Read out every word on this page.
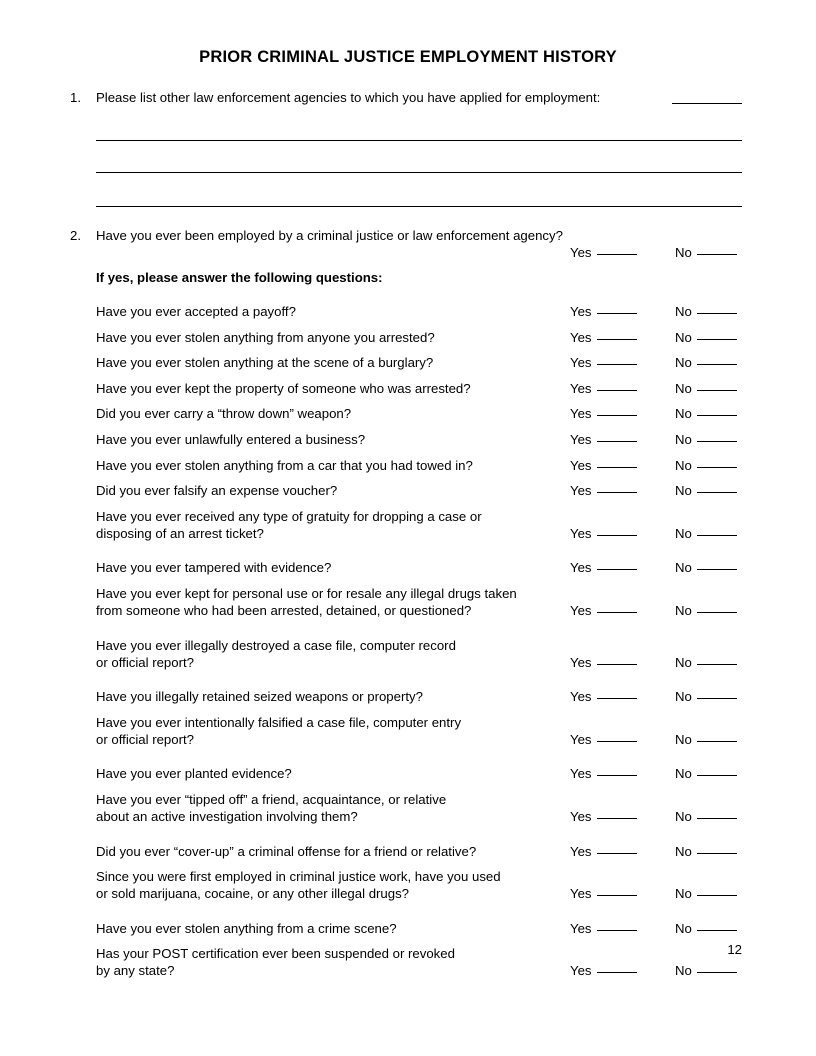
PRIOR CRIMINAL JUSTICE EMPLOYMENT HISTORY
1.	Please list other law enforcement agencies to which you have applied for employment:
2.	Have you ever been employed by a criminal justice or law enforcement agency?
Yes	No
If yes, please answer the following questions:
Have you ever accepted a payoff?	Yes	No
Have you ever stolen anything from anyone you arrested?	Yes	No
Have you ever stolen anything at the scene of a burglary?	Yes	No
Have you ever kept the property of someone who was arrested?	Yes	No
Did you ever carry a “throw down” weapon?	Yes	No
Have you ever unlawfully entered a business?	Yes	No
Have you ever stolen anything from a car that you had towed in?	Yes	No
Did you ever falsify an expense voucher?	Yes	No
Have you ever received any type of gratuity for dropping a case or
disposing of an arrest ticket?	Yes	No
Have you ever tampered with evidence?	Yes	No
Have you ever kept for personal use or for resale any illegal drugs taken
from someone who had been arrested, detained, or questioned?	Yes	No
Have you ever illegally destroyed a case file, computer record
or official report?	Yes	No
Have you illegally retained seized weapons or property?	Yes	No
Have you ever intentionally falsified a case file, computer entry
or official report?	Yes	No
Have you ever planted evidence?	Yes	No
Have you ever “tipped off” a friend, acquaintance, or relative
about an active investigation involving them?	Yes	No
Did you ever “cover-up” a criminal offense for a friend or relative?	Yes	No
Since you were first employed in criminal justice work, have you used
or sold marijuana, cocaine, or any other illegal drugs?	Yes	No
Have you ever stolen anything from a crime scene?	Yes	No
Has your POST certification ever been suspended or revoked
by any state?	Yes	No
12
